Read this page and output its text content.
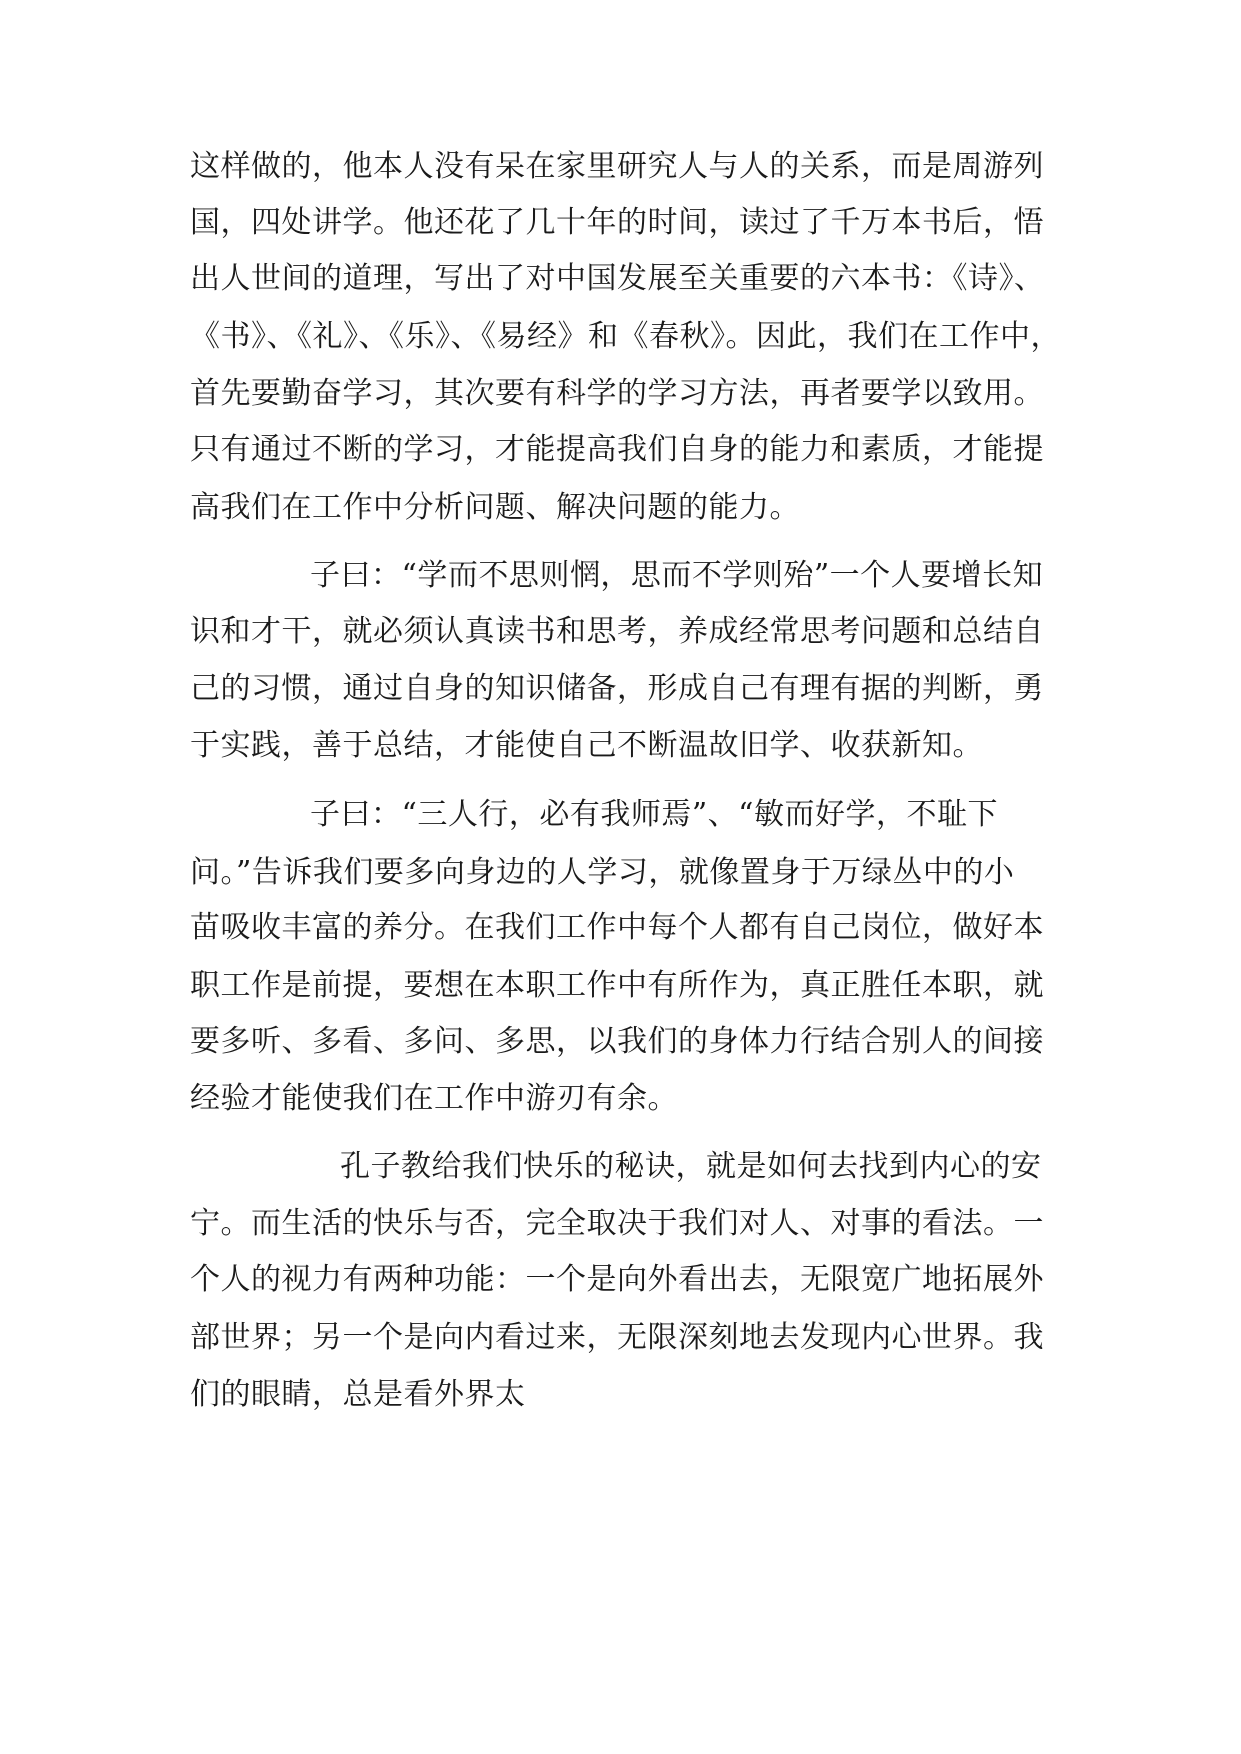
这样做的，他本人没有呆在家里研究人与人的关系，而是周游列
国，四处讲学。他还花了几十年的时间，读过了千万本书后，悟
出人世间的道理，写出了对中国发展至关重要的六本书：《诗》、
《书》、《礼》、《乐》、《易经》和《春秋》。因此，我们在工作中，
首先要勤奋学习，其次要有科学的学习方法，再者要学以致用。
只有通过不断的学习，才能提高我们自身的能力和素质，才能提
高我们在工作中分析问题、解决问题的能力。
子曰：“学而不思则惘，思而不学则殆”一个人要增长知
识和才干，就必须认真读书和思考，养成经常思考问题和总结自
己的习惯，通过自身的知识储备，形成自己有理有据的判断，勇
于实践，善于总结，才能使自己不断温故旧学、收获新知。
子曰：“三人行，必有我师焉”、“敏而好学，不耻下
问。”告诉我们要多向身边的人学习，就像置身于万绿丛中的小
苗吸收丰富的养分。在我们工作中每个人都有自己岗位，做好本
职工作是前提，要想在本职工作中有所作为，真正胜任本职，就
要多听、多看、多问、多思，以我们的身体力行结合别人的间接
经验才能使我们在工作中游刃有余。
孔子教给我们快乐的秘诀，就是如何去找到内心的安
宁。而生活的快乐与否，完全取决于我们对人、对事的看法。一
个人的视力有两种功能：一个是向外看出去，无限宽广地拓展外
部世界；另一个是向内看过来，无限深刻地去发现内心世界。我
们的眼睛，总是看外界太
